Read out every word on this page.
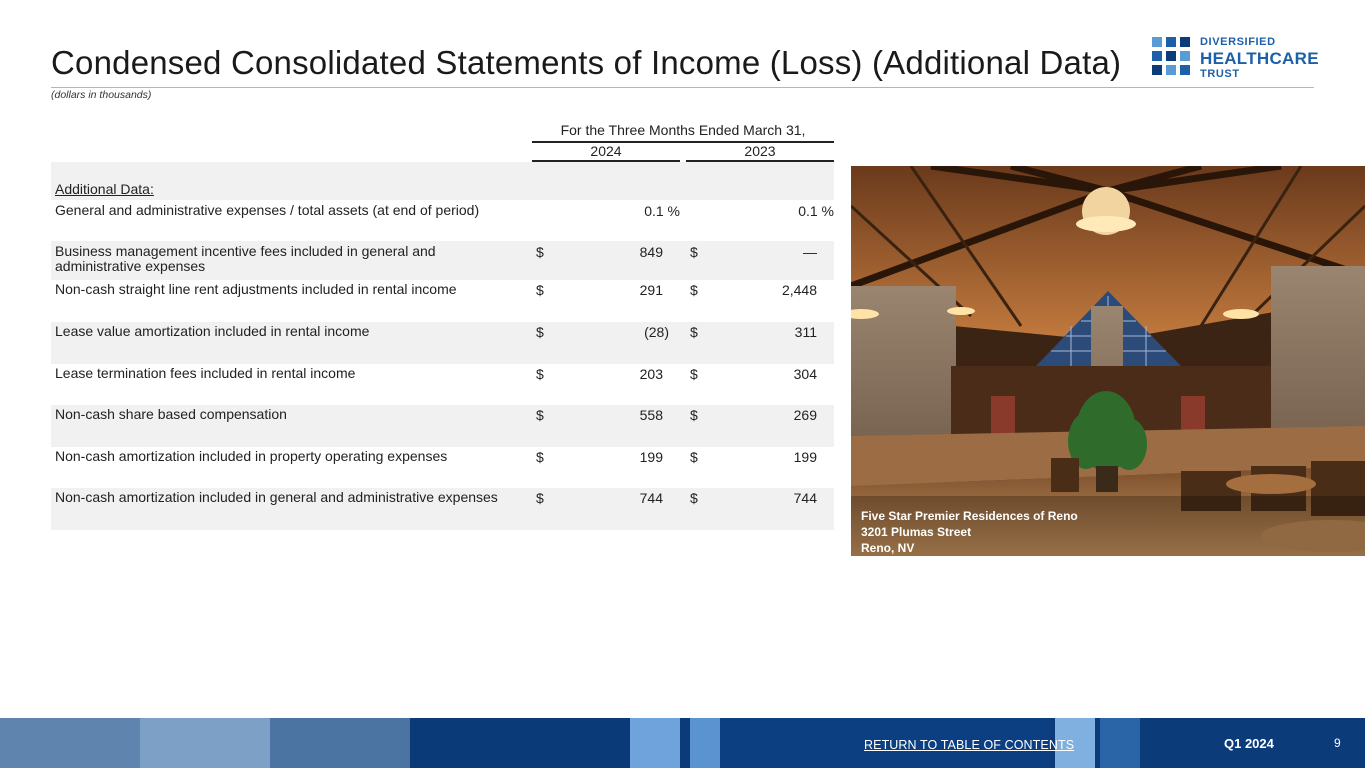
Condensed Consolidated Statements of Income (Loss) (Additional Data)
(dollars in thousands)
DIVERSIFIED
HEALTHCARE
TRUST
For the Three Months Ended March 31,
2024	2023
Additional Data:
General and administrative expenses / total assets (at end of period)	0.1 %	0.1 %
Business management incentive fees included in general and administrative expenses
$	849 $	—
Non-cash straight line rent adjustments included in rental income	$	291 $	2,448
Lease value amortization included in rental income	$	(28) $	311
Lease termination fees included in rental income	$	203 $	304
Non-cash share based compensation	$	558 $	269
Non-cash amortization included in property operating expenses	$	199 $	199
Non-cash amortization included in general and administrative expenses	$	744 $	744
Five Star Premier Residences of Reno
3201 Plumas Street
Reno, NV
RETURN TO TABLE OF CONTENTS	Q1 2024	9
